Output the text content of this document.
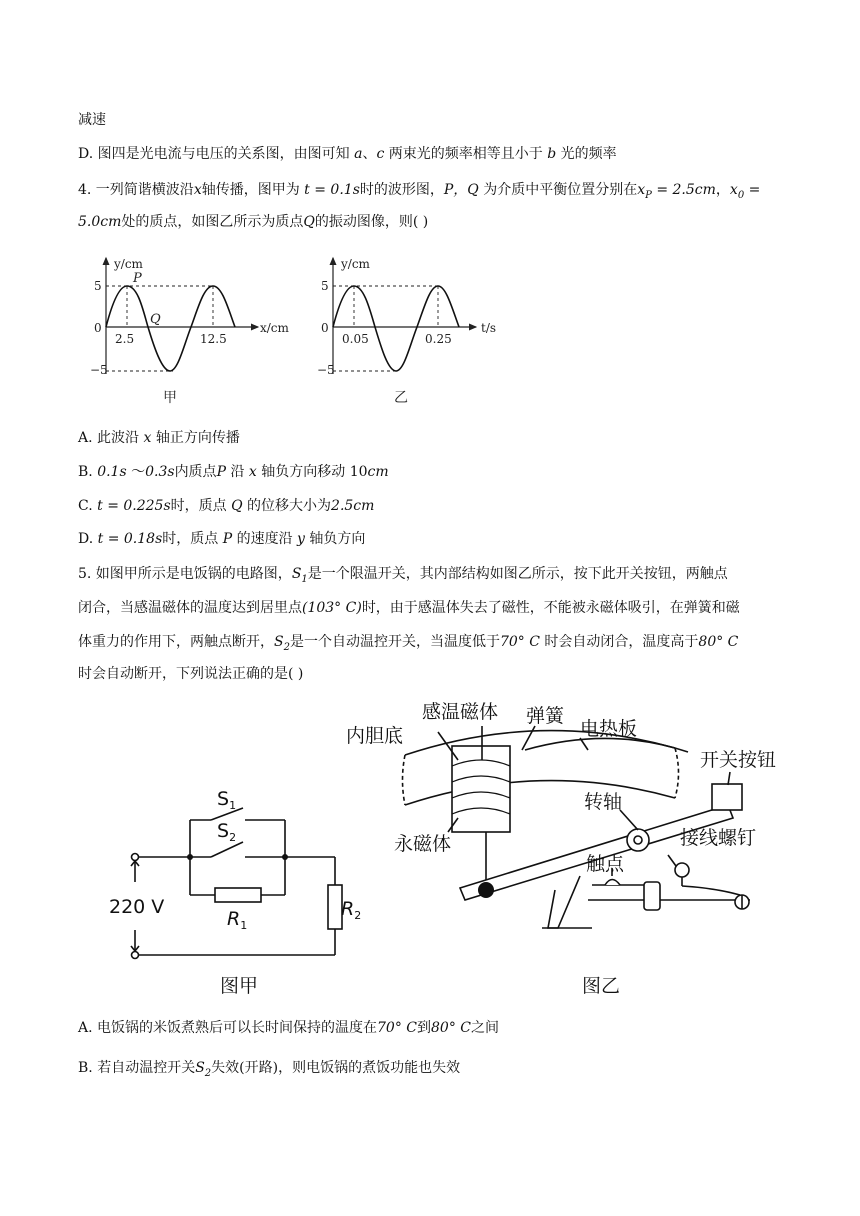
减速
D. 图四是光电流与电压的关系图，由图可知 a、c 两束光的频率相等且小于 b 光的频率
4. 一列简谐横波沿x轴传播，图甲为 t = 0.1s时的波形图，P，Q 为介质中平衡位置分别在$x_P = 2.5cm$，$x_0$ =
5.0cm处的质点，如图乙所示为质点Q的振动图像，则( )
y/cm
x/cm
5
0
−5
2.5	12.5
P
Q
甲
y/cm
t/s
5
0
−5
0.05	0.25
乙
A. 此波沿 x 轴正方向传播
B. 0.1s ～0.3s内质点P 沿 x 轴负方向移动 10cm
C. t = 0.225s时，质点 Q 的位移大小为2.5cm
D. t = 0.18s时，质点 P 的速度沿 y 轴负方向
5. 如图甲所示是电饭锅的电路图，$S_1$是一个限温开关，其内部结构如图乙所示，按下此开关按钮，两触点
闭合，当感温磁体的温度达到居里点(103° C)时，由于感温体失去了磁性，不能被永磁体吸引，在弹簧和磁
体重力的作用下，两触点断开，$S_2$是一个自动温控开关，当温度低于70° C 时会自动闭合，温度高于80° C
时会自动断开，下列说法正确的是( )
$S_1$
$S_2$
220 V
$R_1$
$R_2$
图甲
内胆底
感温磁体 弹簧
电热板
开关按钮
转轴
永磁体	接线螺钉
触点
图乙
A. 电饭锅的米饭煮熟后可以长时间保持的温度在70° C到80° C之间
B. 若自动温控开关$S_2$失效(开路)，则电饭锅的煮饭功能也失效
